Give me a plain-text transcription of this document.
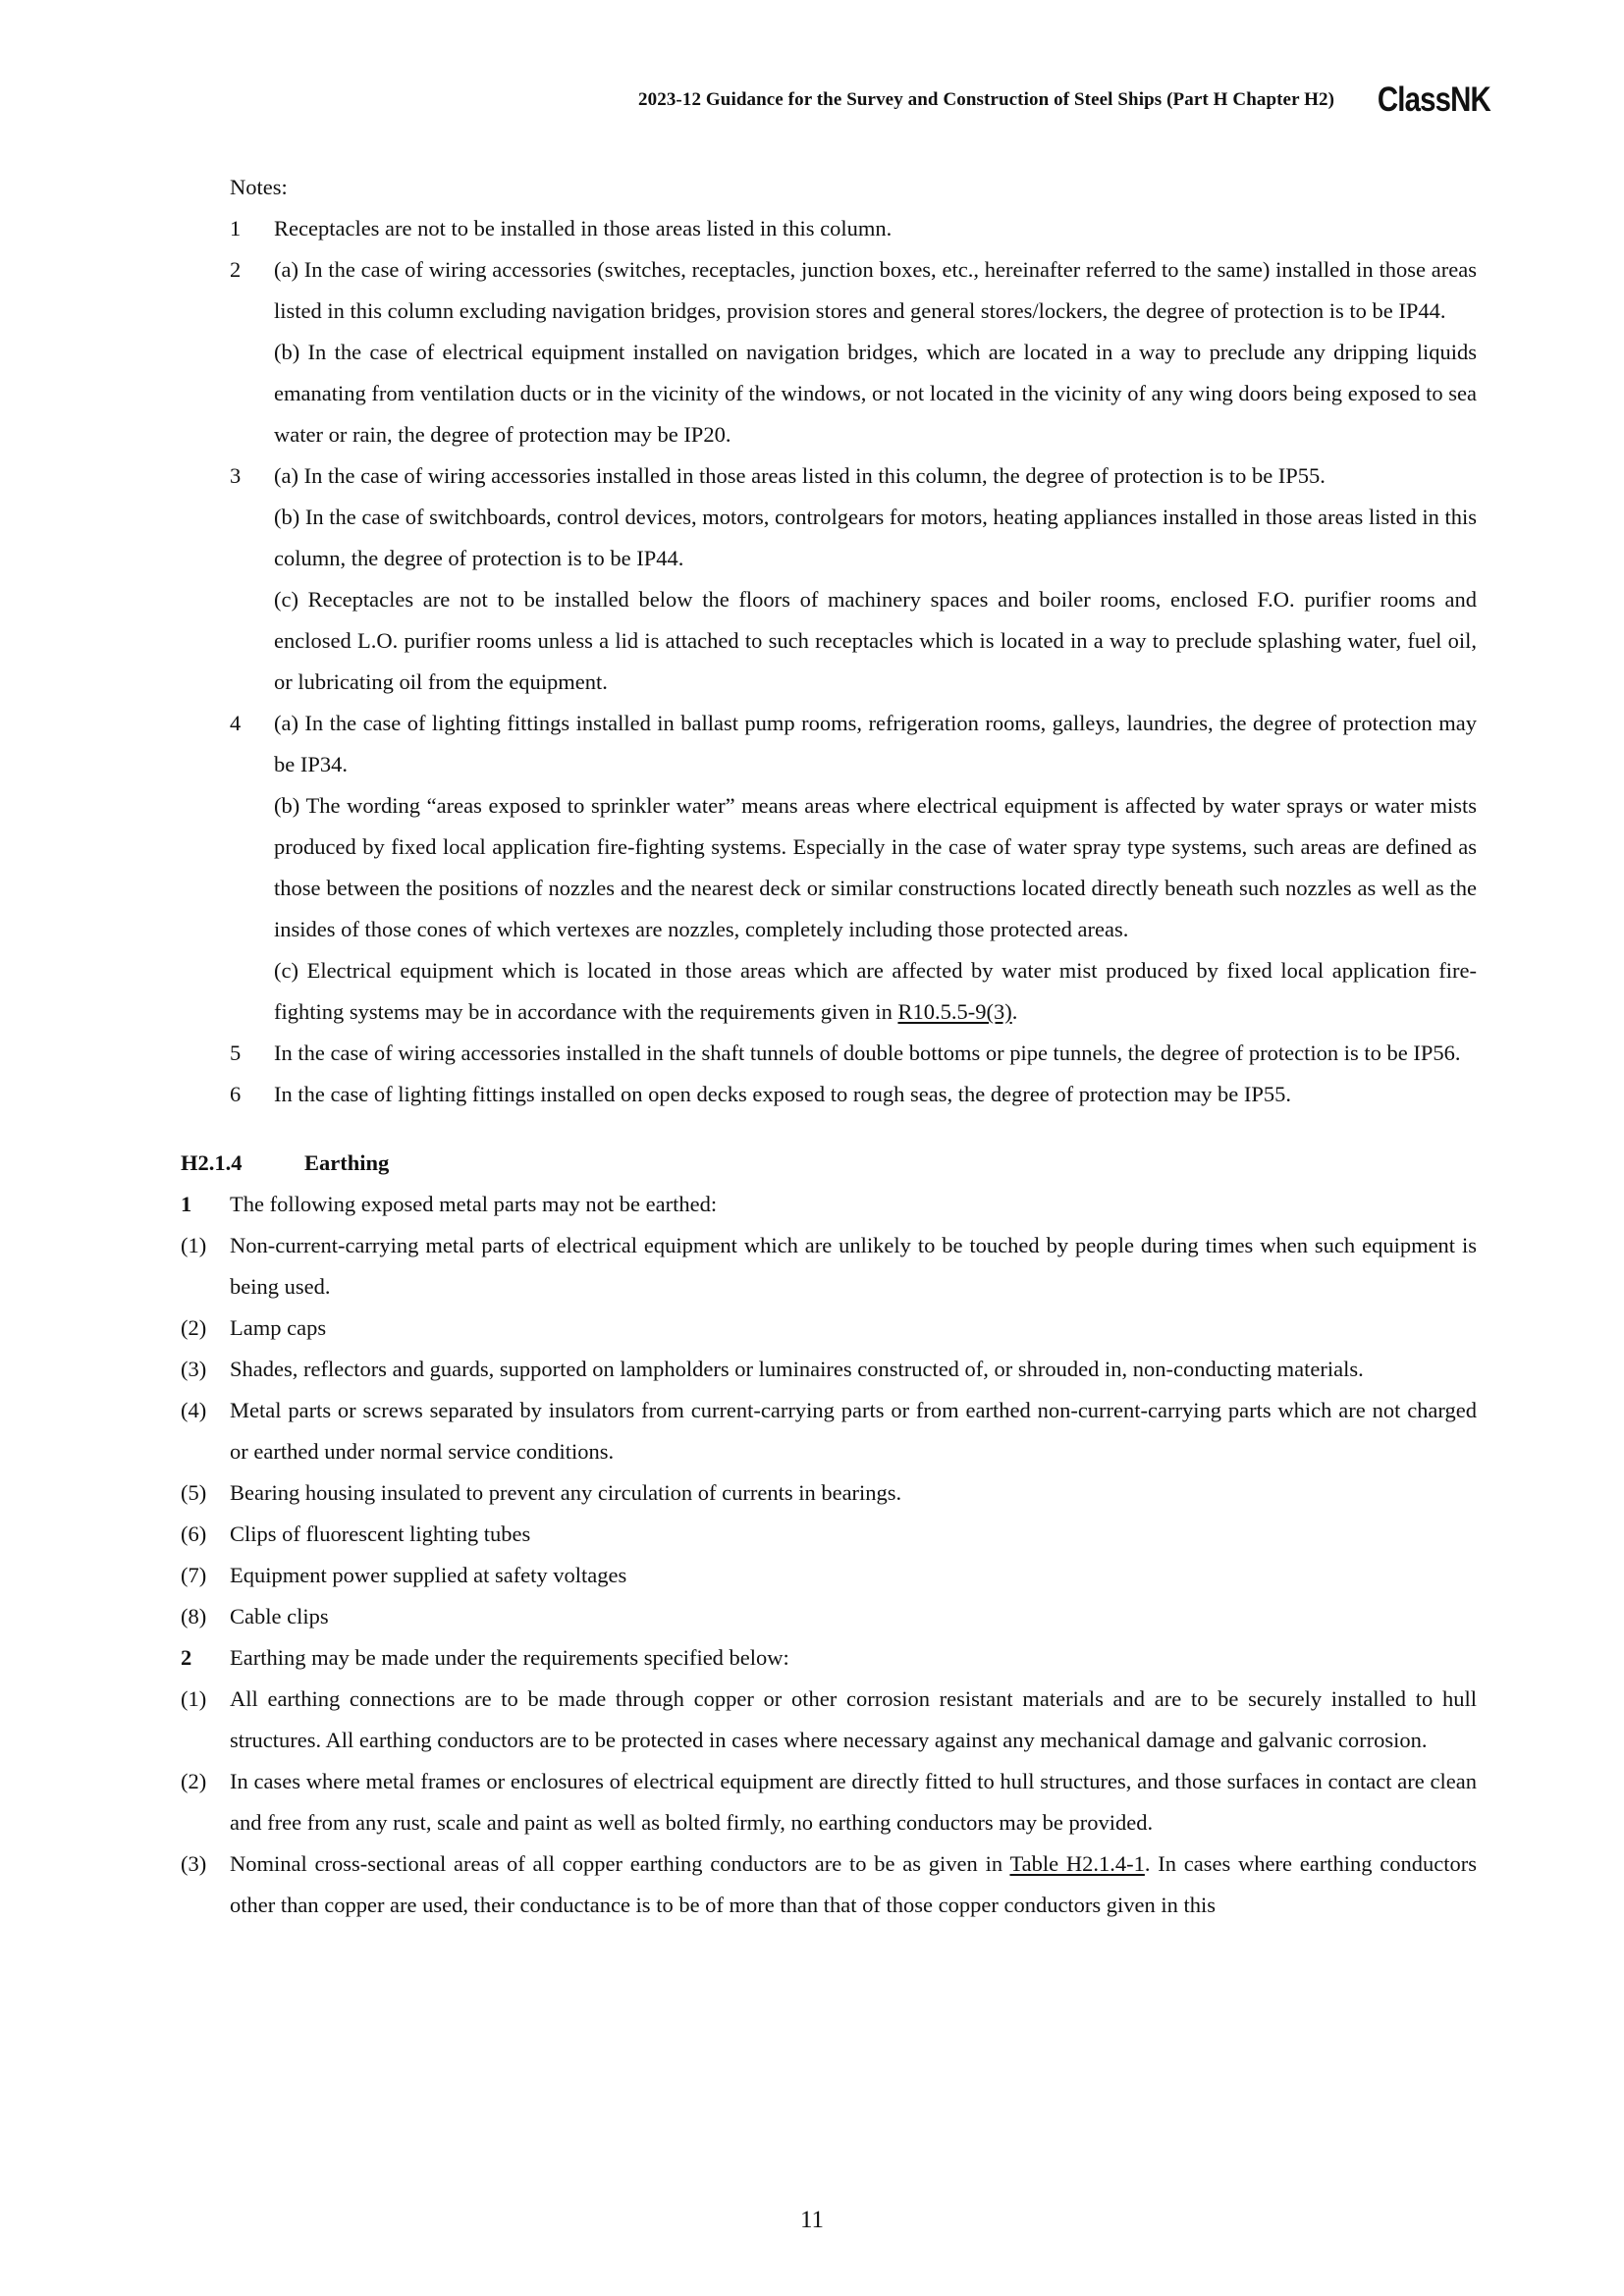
2023-12 Guidance for the Survey and Construction of Steel Ships (Part H Chapter H2) ClassNK
Notes:
1 Receptacles are not to be installed in those areas listed in this column.
2 (a) In the case of wiring accessories (switches, receptacles, junction boxes, etc., hereinafter referred to the same) installed in those areas listed in this column excluding navigation bridges, provision stores and general stores/lockers, the degree of protection is to be IP44.
(b) In the case of electrical equipment installed on navigation bridges, which are located in a way to preclude any dripping liquids emanating from ventilation ducts or in the vicinity of the windows, or not located in the vicinity of any wing doors being exposed to sea water or rain, the degree of protection may be IP20.
3 (a) In the case of wiring accessories installed in those areas listed in this column, the degree of protection is to be IP55.
(b) In the case of switchboards, control devices, motors, controlgears for motors, heating appliances installed in those areas listed in this column, the degree of protection is to be IP44.
(c) Receptacles are not to be installed below the floors of machinery spaces and boiler rooms, enclosed F.O. purifier rooms and enclosed L.O. purifier rooms unless a lid is attached to such receptacles which is located in a way to preclude splashing water, fuel oil, or lubricating oil from the equipment.
4 (a) In the case of lighting fittings installed in ballast pump rooms, refrigeration rooms, galleys, laundries, the degree of protection may be IP34.
(b) The wording “areas exposed to sprinkler water” means areas where electrical equipment is affected by water sprays or water mists produced by fixed local application fire-fighting systems. Especially in the case of water spray type systems, such areas are defined as those between the positions of nozzles and the nearest deck or similar constructions located directly beneath such nozzles as well as the insides of those cones of which vertexes are nozzles, completely including those protected areas.
(c) Electrical equipment which is located in those areas which are affected by water mist produced by fixed local application fire-fighting systems may be in accordance with the requirements given in R10.5.5-9(3).
5 In the case of wiring accessories installed in the shaft tunnels of double bottoms or pipe tunnels, the degree of protection is to be IP56.
6 In the case of lighting fittings installed on open decks exposed to rough seas, the degree of protection may be IP55.
H2.1.4	Earthing
1 The following exposed metal parts may not be earthed:
(1) Non-current-carrying metal parts of electrical equipment which are unlikely to be touched by people during times when such equipment is being used.
(2) Lamp caps
(3) Shades, reflectors and guards, supported on lampholders or luminaires constructed of, or shrouded in, non-conducting materials.
(4) Metal parts or screws separated by insulators from current-carrying parts or from earthed non-current-carrying parts which are not charged or earthed under normal service conditions.
(5) Bearing housing insulated to prevent any circulation of currents in bearings.
(6) Clips of fluorescent lighting tubes
(7) Equipment power supplied at safety voltages
(8) Cable clips
2 Earthing may be made under the requirements specified below:
(1) All earthing connections are to be made through copper or other corrosion resistant materials and are to be securely installed to hull structures. All earthing conductors are to be protected in cases where necessary against any mechanical damage and galvanic corrosion.
(2) In cases where metal frames or enclosures of electrical equipment are directly fitted to hull structures, and those surfaces in contact are clean and free from any rust, scale and paint as well as bolted firmly, no earthing conductors may be provided.
(3) Nominal cross-sectional areas of all copper earthing conductors are to be as given in Table H2.1.4-1. In cases where earthing conductors other than copper are used, their conductance is to be of more than that of those copper conductors given in this
11
